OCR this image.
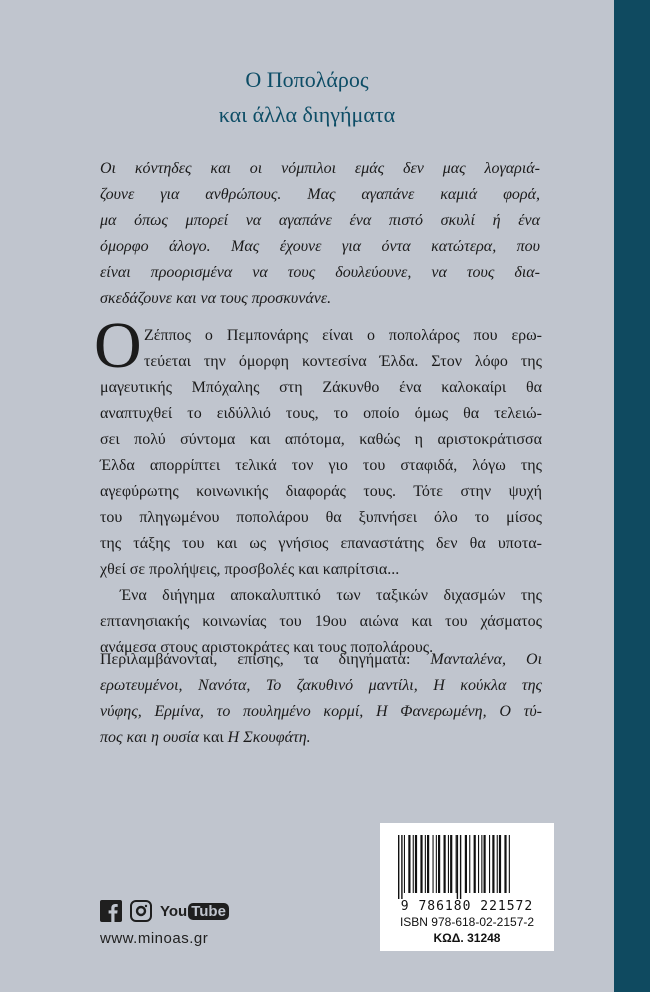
Ο Ποπολάρος
και άλλα διηγήματα
Οι κόντηδες και οι νόμπιλοι εμάς δεν μας λογαριά-
ζουνε για ανθρώπους. Μας αγαπάνε καμιά φορά,
μα όπως μπορεί να αγαπάνε ένα πιστό σκυλί ή ένα
όμορφο άλογο. Μας έχουνε για όντα κατώτερα, που
είναι προορισμένα να τους δουλεύουνε, να τους δια-
σκεδάζουνε και να τους προσκυνάνε.
Ο Ζέππος ο Πεμπονάρης είναι ο ποπολάρος που ερω-
τεύεται την όμορφη κοντεσίνα Έλδα. Στον λόφο της
μαγευτικής Μπόχαλης στη Ζάκυνθο ένα καλοκαίρι θα
αναπτυχθεί το ειδύλλιό τους, το οποίο όμως θα τελειώ-
σει πολύ σύντομα και απότομα, καθώς η αριστοκράτισσα
Έλδα απορρίπτει τελικά τον γιο του σταφιδά, λόγω της
αγεφύρωτης κοινωνικής διαφοράς τους. Τότε στην ψυχή
του πληγωμένου ποπολάρου θα ξυπνήσει όλο το μίσος
της τάξης του και ως γνήσιος επαναστάτης δεν θα υποτα-
χθεί σε προλήψεις, προσβολές και καπρίτσια...
Ένα διήγημα αποκαλυπτικό των ταξικών διχασμών της
επτανησιακής κοινωνίας του 19ου αιώνα και του χάσματος
ανάμεσα στους αριστοκράτες και τους ποπολάρους.
Περιλαμβάνονται, επίσης, τα διηγήματα: Μανταλένα, Οι
ερωτευμένοι, Νανότα, Το ζακυθινό μαντίλι, Η κούκλα της
νύφης, Ερμίνα, το πουλημένο κορμί, Η Φανερωμένη, Ο τύ-
πος και η ουσία και Η Σκουφάτη.
9 786180 221572
ISBN 978-618-02-2157-2
ΚΩΔ. 31248
You Tube
www.minoas.gr
